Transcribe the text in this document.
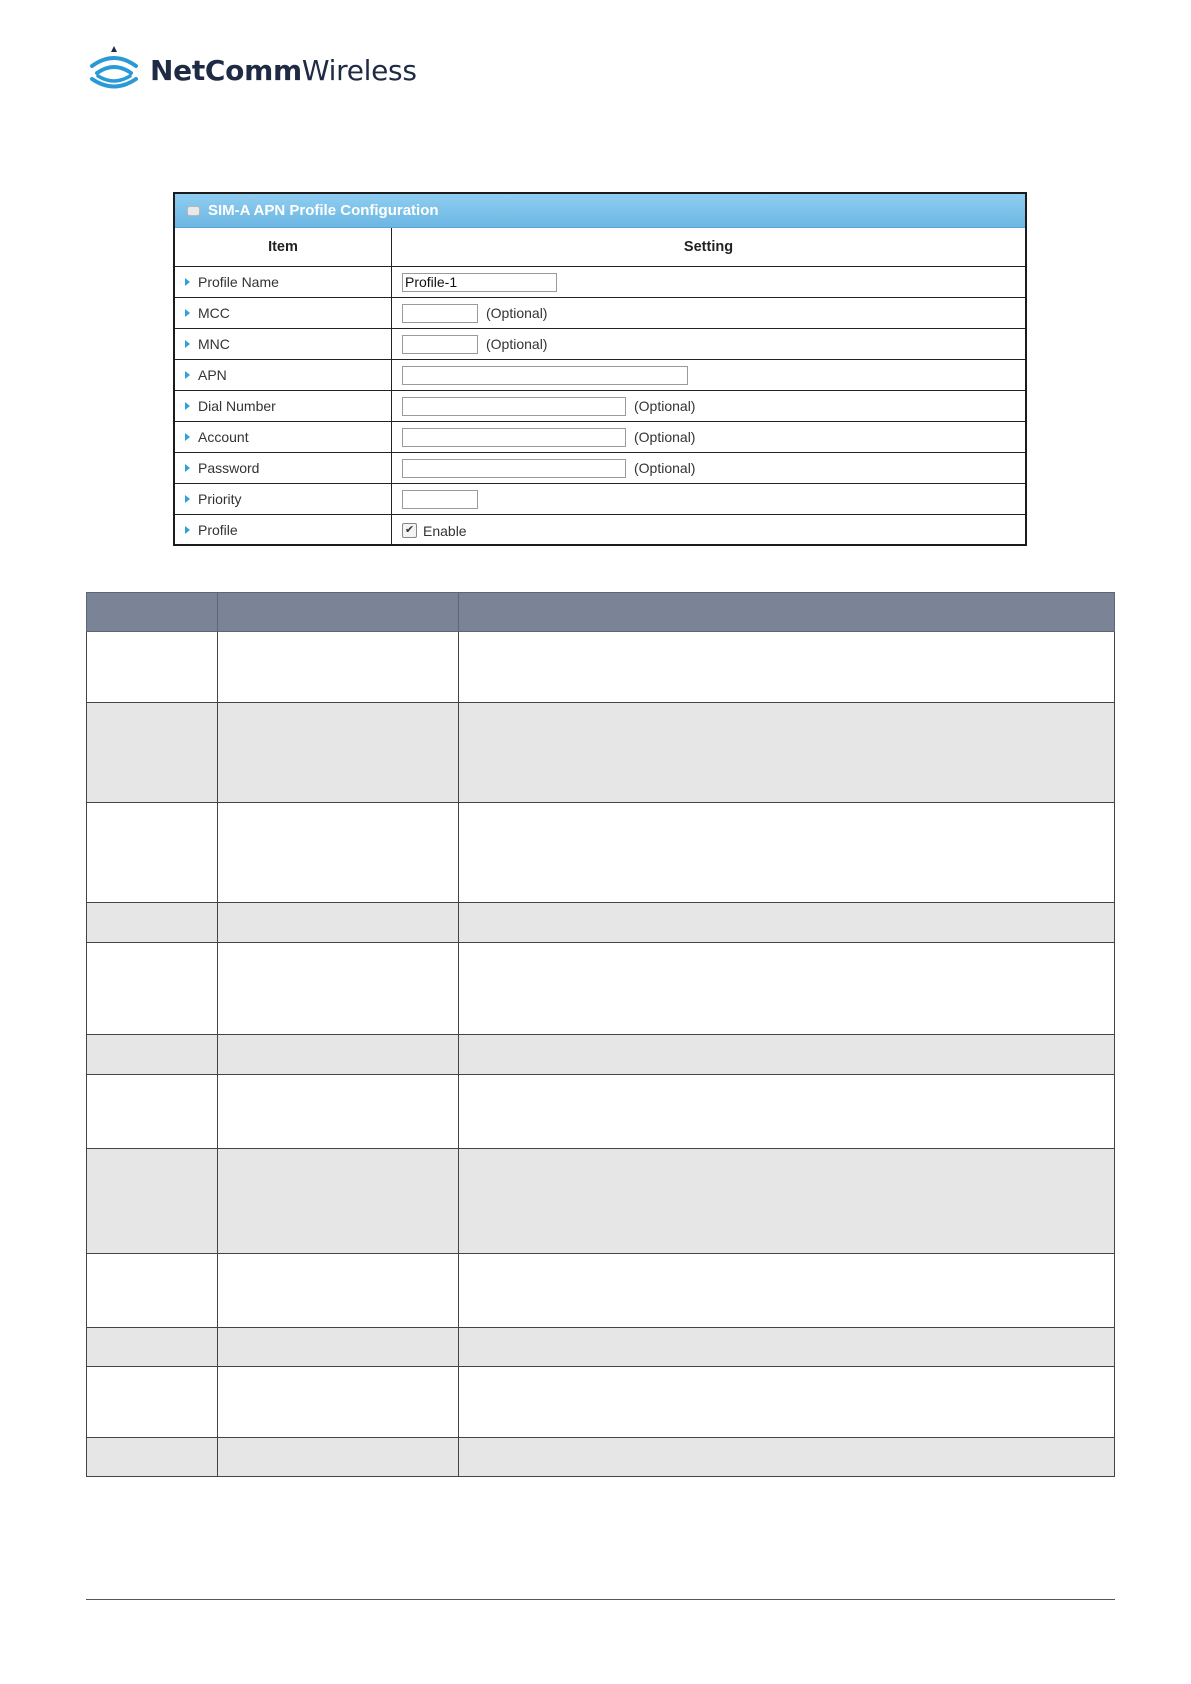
NetCommWireless
SIM-A APN Profile Configuration
Item	Setting
Profile Name	Profile-1
MCC	(Optional)
MNC	(Optional)
APN	
Dial Number	(Optional)
Account	(Optional)
Password	(Optional)
Priority	
Profile	✔ Enable
